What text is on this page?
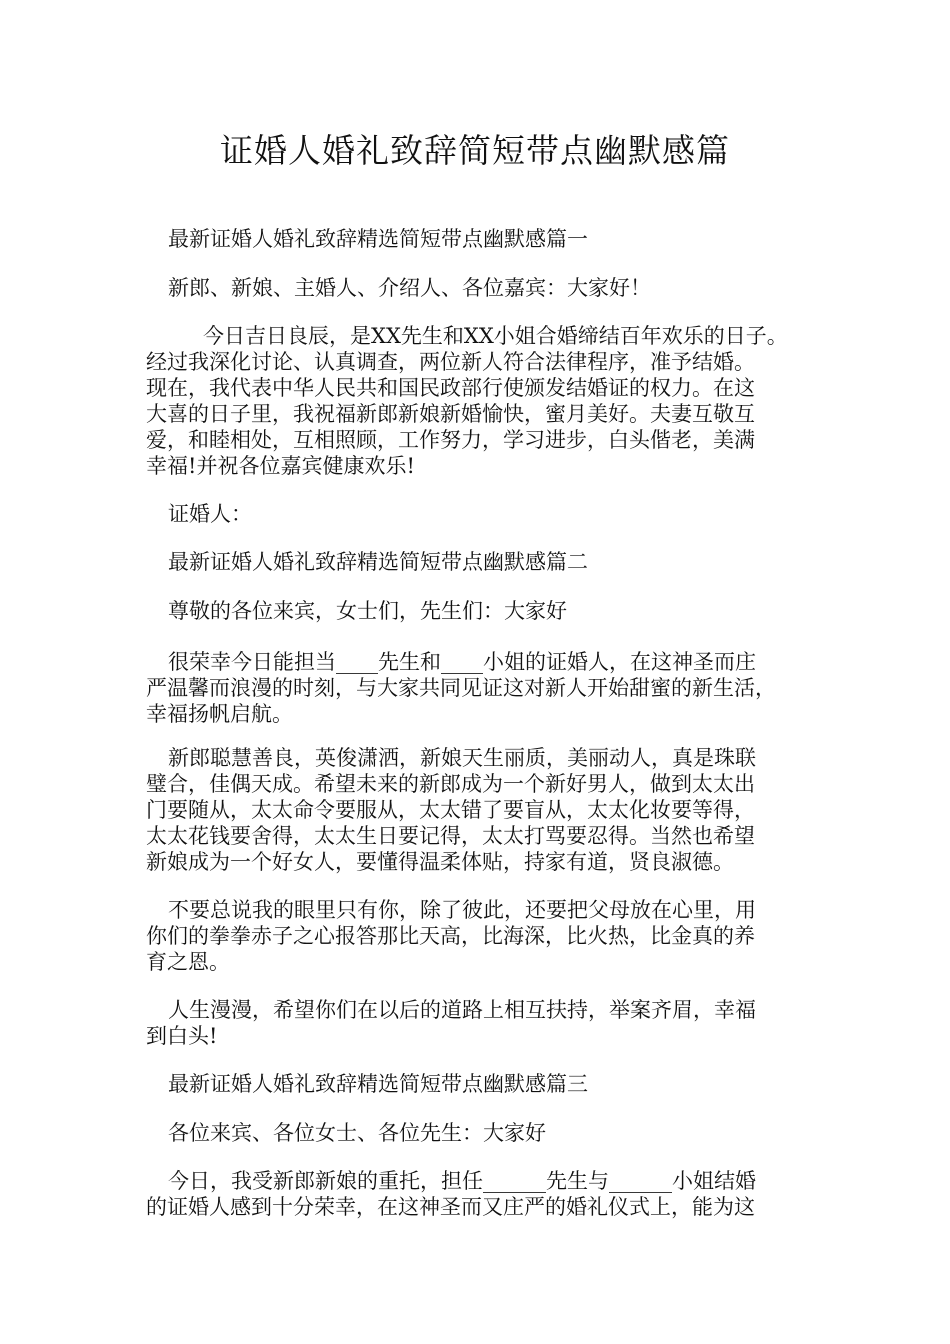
证婚人婚礼致辞简短带点幽默感篇

最新证婚人婚礼致辞精选简短带点幽默感篇一

新郎、新娘、主婚人、介绍人、各位嘉宾：大家好！

今日吉日良辰，是XX先生和XX小姐合婚缔结百年欢乐的日子。

经过我深化讨论、认真调查，两位新人符合法律程序，准予结婚。

现在，我代表中华人民共和国民政部行使颁发结婚证的权力。在这

大喜的日子里，我祝福新郎新娘新婚愉快，蜜月美好。夫妻互敬互

爱，和睦相处，互相照顾，工作努力，学习进步，白头偕老，美满

幸福!并祝各位嘉宾健康欢乐!

证婚人：

最新证婚人婚礼致辞精选简短带点幽默感篇二

尊敬的各位来宾，女士们，先生们：大家好

很荣幸今日能担当____先生和____小姐的证婚人，在这神圣而庄

严温馨而浪漫的时刻，与大家共同见证这对新人开始甜蜜的新生活，

幸福扬帆启航。

新郎聪慧善良，英俊潇洒，新娘天生丽质，美丽动人，真是珠联

璧合，佳偶天成。希望未来的新郎成为一个新好男人，做到太太出

门要随从，太太命令要服从，太太错了要盲从，太太化妆要等得，

太太花钱要舍得，太太生日要记得，太太打骂要忍得。当然也希望

新娘成为一个好女人，要懂得温柔体贴，持家有道，贤良淑德。

不要总说我的眼里只有你，除了彼此，还要把父母放在心里，用

你们的拳拳赤子之心报答那比天高，比海深，比火热，比金真的养

育之恩。

人生漫漫，希望你们在以后的道路上相互扶持，举案齐眉，幸福

到白头!

最新证婚人婚礼致辞精选简短带点幽默感篇三

各位来宾、各位女士、各位先生：大家好

今日，我受新郎新娘的重托，担任______先生与______小姐结婚

的证婚人感到十分荣幸，在这神圣而又庄严的婚礼仪式上，能为这
